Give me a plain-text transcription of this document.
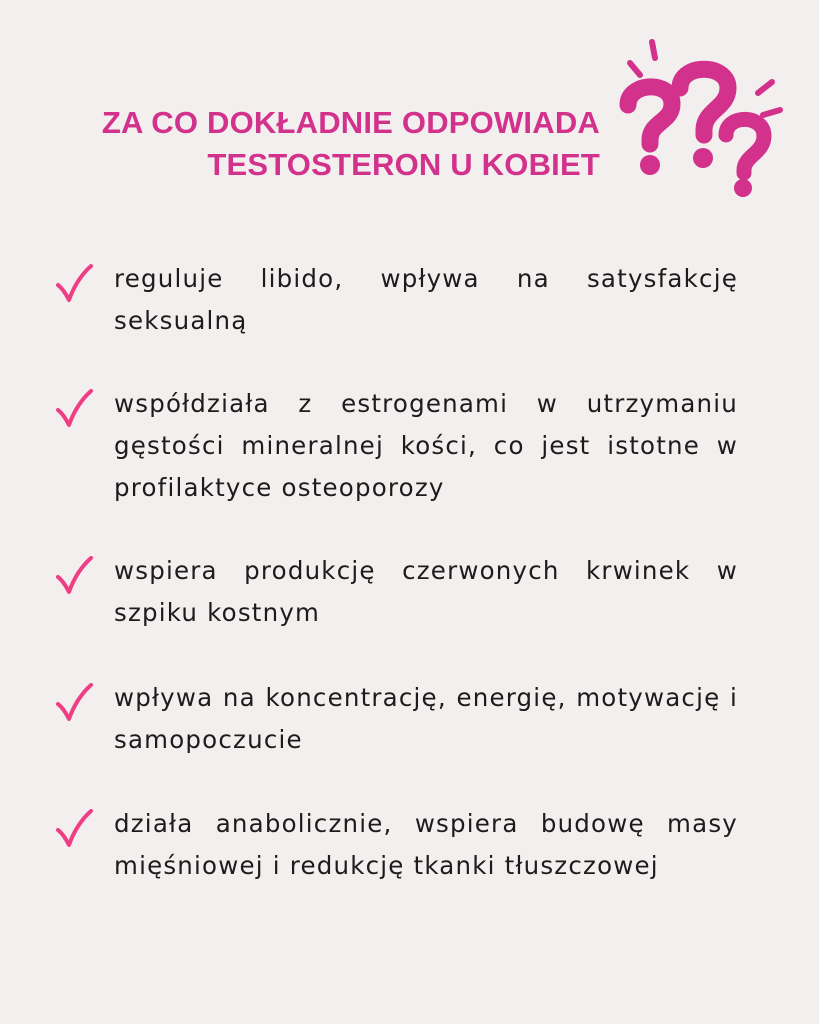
ZA CO DOKŁADNIE ODPOWIADA
TESTOSTERON U KOBIET
reguluje libido, wpływa na satysfakcję seksualną
współdziała z estrogenami w utrzymaniu gęstości mineralnej kości, co jest istotne w profilaktyce osteoporozy
wspiera produkcję czerwonych krwinek w szpiku kostnym
wpływa na koncentrację, energię, motywację i samopoczucie
działa anabolicznie, wspiera budowę masy mięśniowej i redukcję tkanki tłuszczowej
